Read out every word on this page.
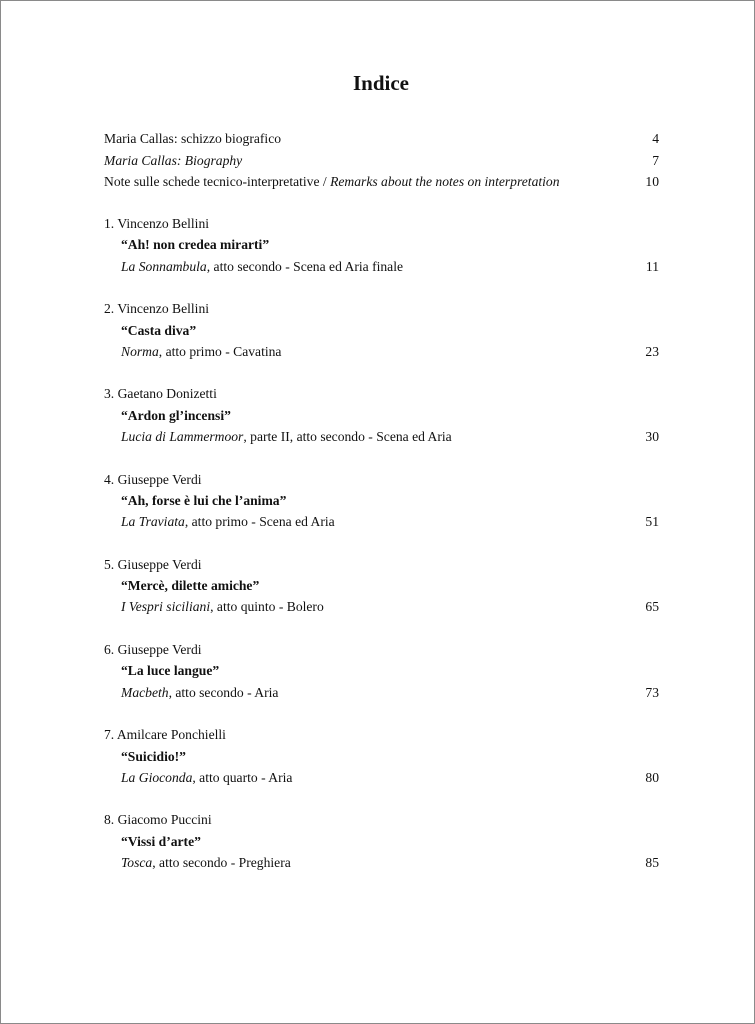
Indice
Maria Callas: schizzo biografico	4
Maria Callas: Biography	7
Note sulle schede tecnico-interpretative / Remarks about the notes on interpretation	10
1. Vincenzo Bellini
“Ah! non credea mirarti”
La Sonnambula, atto secondo - Scena ed Aria finale	11
2. Vincenzo Bellini
“Casta diva”
Norma, atto primo - Cavatina	23
3. Gaetano Donizetti
“Ardon gl’incensi”
Lucia di Lammermoor, parte II, atto secondo - Scena ed Aria	30
4. Giuseppe Verdi
“Ah, forse è lui che l’anima”
La Traviata, atto primo - Scena ed Aria	51
5. Giuseppe Verdi
“Mercè, dilette amiche”
I Vespri siciliani, atto quinto - Bolero	65
6. Giuseppe Verdi
“La luce langue”
Macbeth, atto secondo - Aria	73
7. Amilcare Ponchielli
“Suicidio!”
La Gioconda, atto quarto - Aria	80
8. Giacomo Puccini
“Vissi d’arte”
Tosca, atto secondo - Preghiera	85
